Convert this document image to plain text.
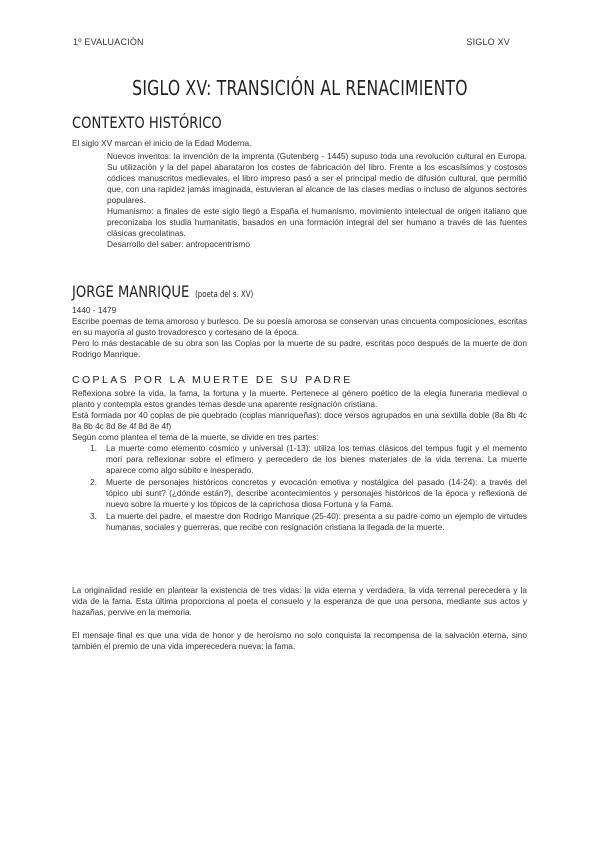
1º EVALUACIÓN	SIGLO XV
SIGLO XV: TRANSICIÓN AL RENACIMIENTO
CONTEXTO HISTÓRICO
El siglo XV marcan el inicio de la Edad Moderna.

Nuevos inventos: la invención de la imprenta (Gutenberg - 1445) supuso toda una revolución cultural en Europa. Su utilización y la del papel abarataron los costes de fabricación del libro. Frente a los escasísimos y costosos códices manuscritos medievales, el libro impreso pasó a ser el principal medio de difusión cultural, que permitió que, con una rapidez jamás imaginada, estuvieran al alcance de las clases medias o incluso de algunos sectores populares.

Humanismo: a finales de este siglo llegó a España el humanismo, movimiento intelectual de origen italiano que preconizaba los studia humanitatis, basados en una formación integral del ser humano a través de las fuentes clásicas grecolatinas.

Desarrollo del saber: antropocentrismo

JORGE MANRIQUE (poeta del s. XV)

1440 - 1479

Escribe poemas de tema amoroso y burlesco. De su poesía amorosa se conservan unas cincuenta composiciones, escritas en su mayoría al gusto trovadoresco y cortesano de la época.

Pero lo más destacable de su obra son las Coplas por la muerte de su padre, escritas poco después de la muerte de don Rodrigo Manrique.

COPLAS POR LA MUERTE DE SU PADRE

Reflexiona sobre la vida, la fama, la fortuna y la muerte. Pertenece al género poético de la elegía funeraria medieval o planto y contempla estos grandes temas desde una aparente resignación cristiana.

Está formada por 40 coplas de pie quebrado (coplas manriqueñas): doce versos agrupados en una sextilla doble (8a 8b 4c 8a 8b 4c 8d 8e 4f 8d 8e 4f)

Según como plantea el tema de la muerte, se divide en tres partes:

1. La muerte como elemento cósmico y universal (1-13): utiliza los temas clásicos del tempus fugit y el memento mori para reflexionar sobre el efímero y perecedero de los bienes materiales de la vida terrena. La muerte aparece como algo súbito e inesperado.
2. Muerte de personajes históricos concretos y evocación emotiva y nostálgica del pasado (14-24): a través del tópico ubi sunt? (¿dónde están?), describe acontecimientos y personajes históricos de la época y reflexiona de nuevo sobre la muerte y los tópicos de la caprichosa diosa Fortuna y la Fama.
3. La muerte del padre, el maestre don Rodrigo Manrique (25-40): presenta a su padre como un ejemplo de virtudes humanas, sociales y guerreras, que recibe con resignación cristiana la llegada de la muerte.
La originalidad reside en plantear la existencia de tres vidas: la vida eterna y verdadera, la vida terrenal perecedera y la vida de la fama. Esta última proporciona al poeta el consuelo y la esperanza de que una persona, mediante sus actos y hazañas, pervive en la memoria.
El mensaje final es que una vida de honor y de heroísmo no solo conquista la recompensa de la salvación eterna, sino también el premio de una vida imperecedera nueva: la fama.
